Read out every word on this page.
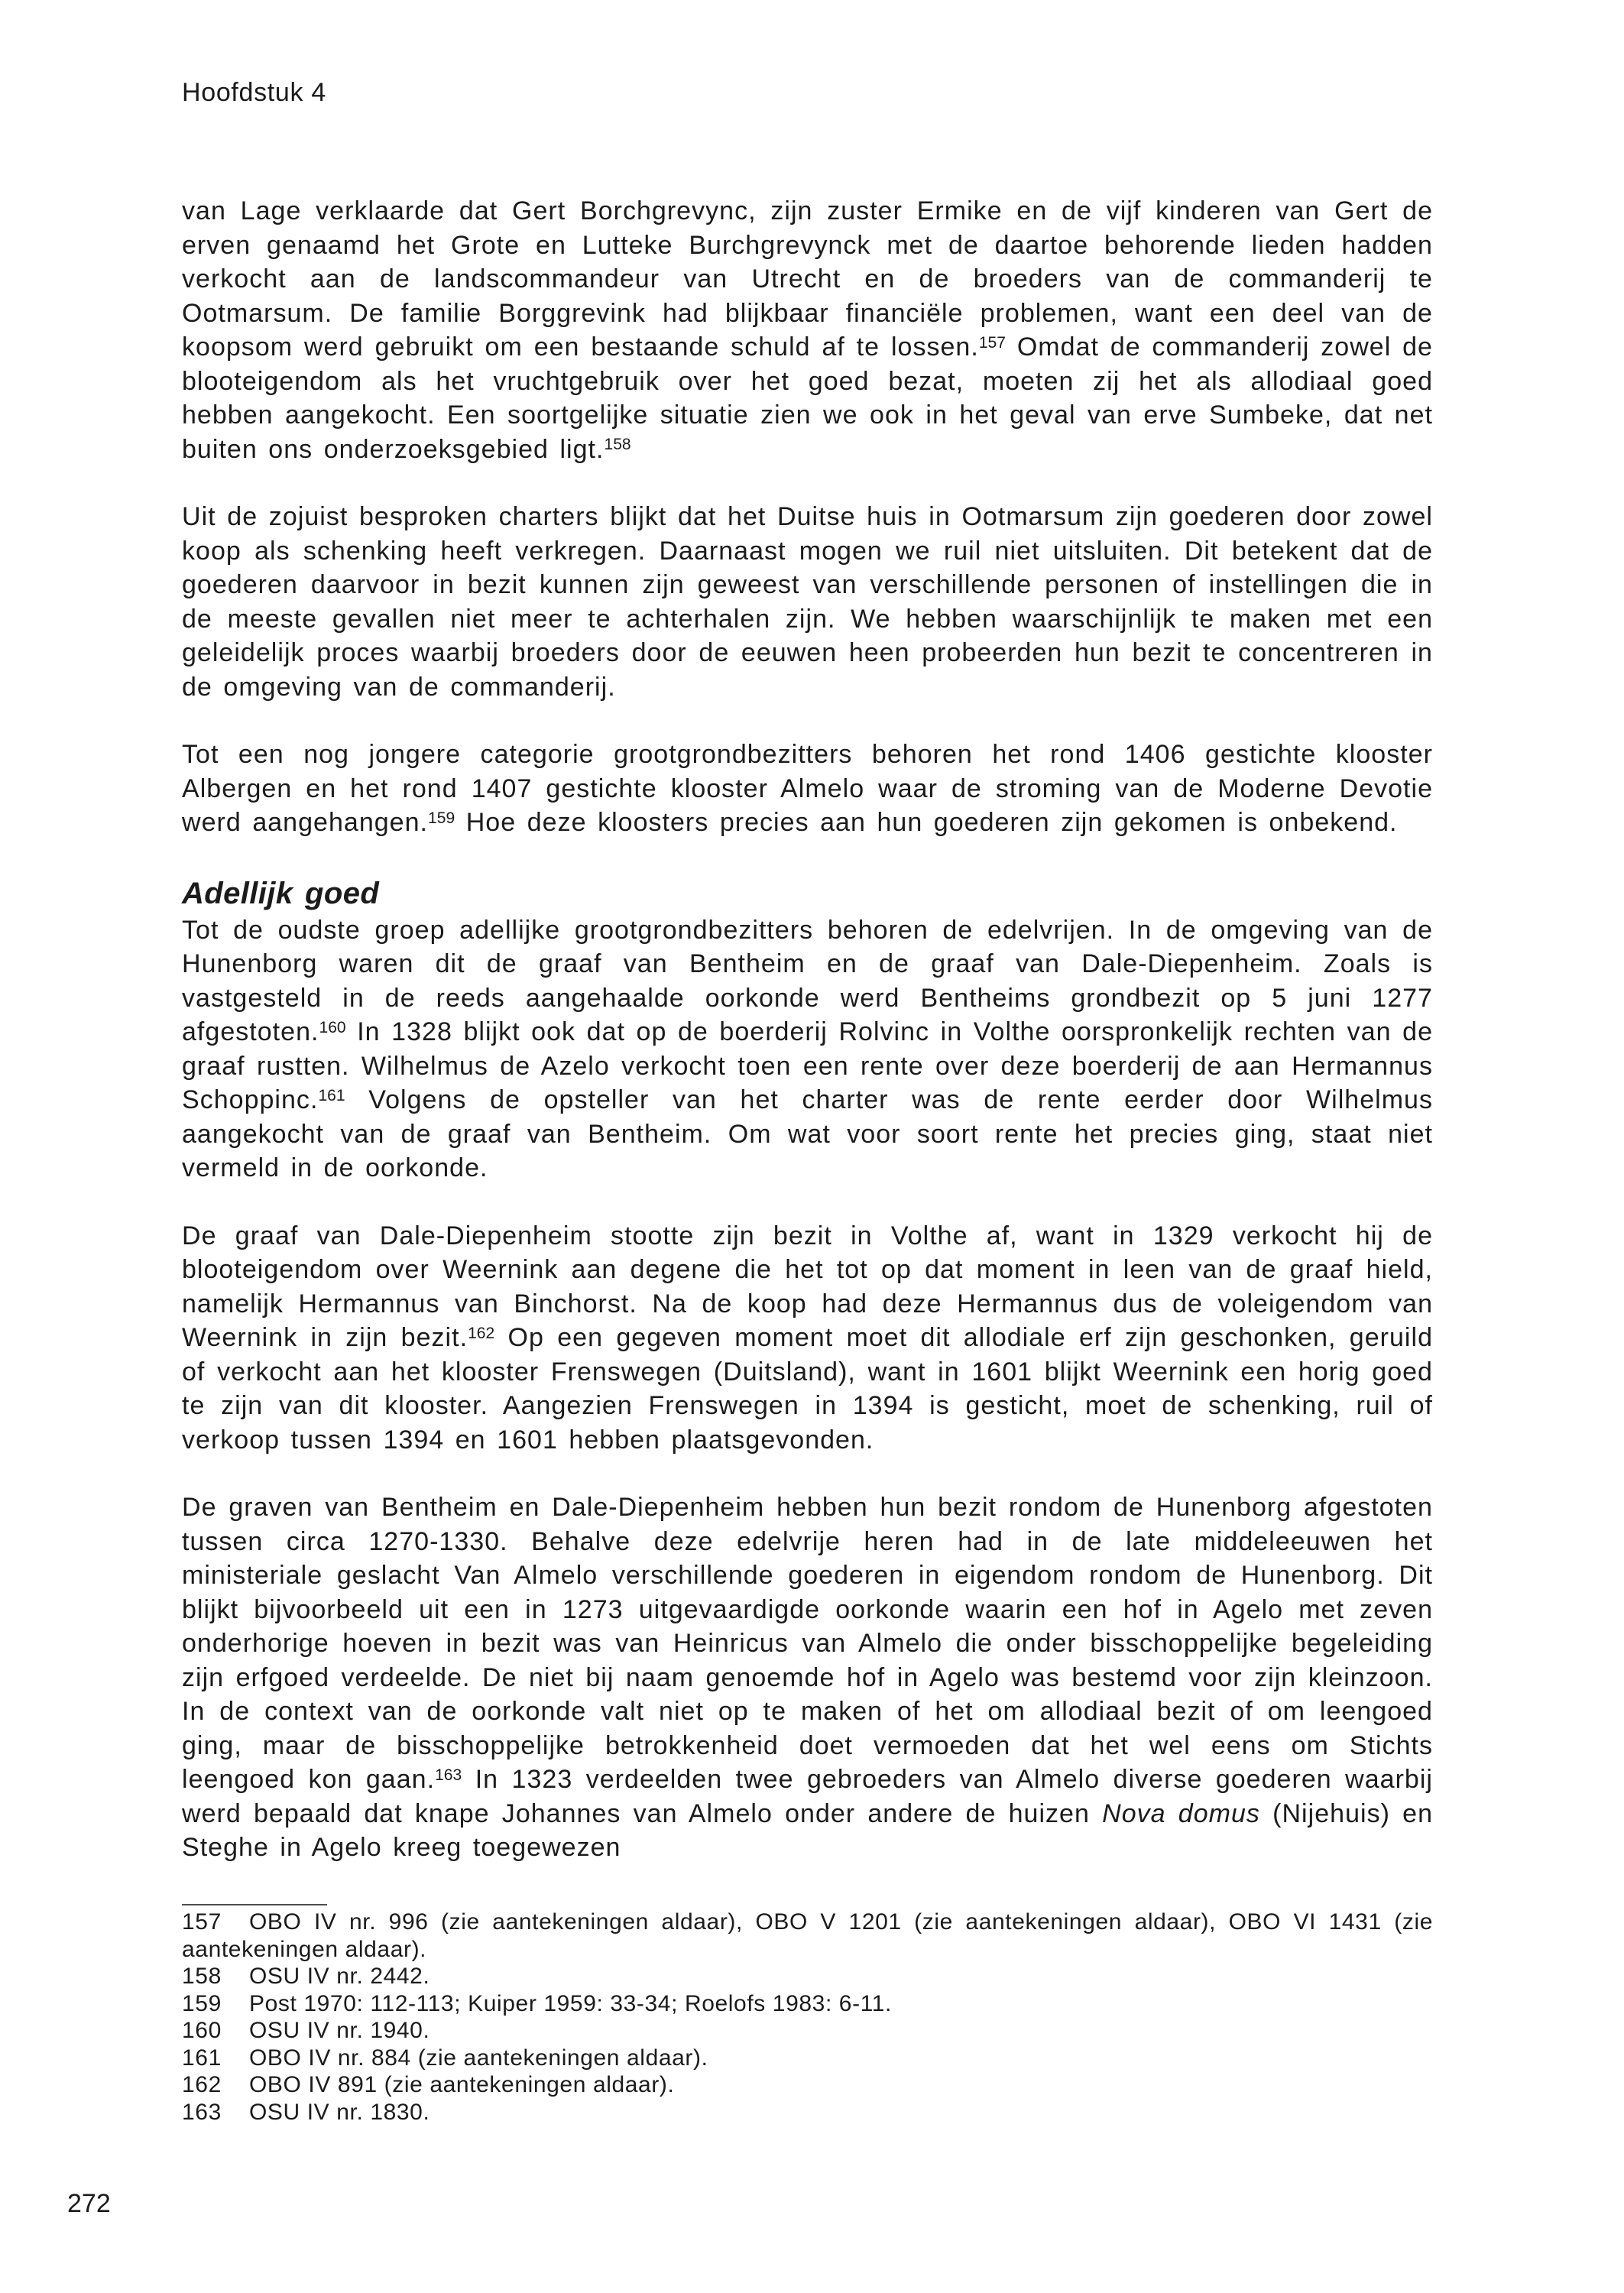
Hoofdstuk 4

van Lage verklaarde dat Gert Borchgrevync, zijn zuster Ermike en de vijf kinderen van Gert de erven genaamd het Grote en Lutteke Burchgrevynck met de daartoe behorende lieden hadden verkocht aan de landscommandeur van Utrecht en de broeders van de commanderij te Ootmarsum. De familie Borggrevink had blijkbaar financiële problemen, want een deel van de koopsom werd gebruikt om een bestaande schuld af te lossen.$^{157}$ Omdat de commanderij zowel de blooteigendom als het vruchtgebruik over het goed bezat, moeten zij het als allodiaal goed hebben aangekocht. Een soortgelijke situatie zien we ook in het geval van erve Sumbeke, dat net buiten ons onderzoeksgebied ligt.$^{158}$

Uit de zojuist besproken charters blijkt dat het Duitse huis in Ootmarsum zijn goederen door zowel koop als schenking heeft verkregen. Daarnaast mogen we ruil niet uitsluiten. Dit betekent dat de goederen daarvoor in bezit kunnen zijn geweest van verschillende personen of instellingen die in de meeste gevallen niet meer te achterhalen zijn. We hebben waarschijnlijk te maken met een geleidelijk proces waarbij broeders door de eeuwen heen probeerden hun bezit te concentreren in de omgeving van de commanderij.

Tot een nog jongere categorie grootgrondbezitters behoren het rond 1406 gestichte klooster Albergen en het rond 1407 gestichte klooster Almelo waar de stroming van de Moderne Devotie werd aangehangen.$^{159}$ Hoe deze kloosters precies aan hun goederen zijn gekomen is onbekend.

Adellijk goed

Tot de oudste groep adellijke grootgrondbezitters behoren de edelvrijen. In de omgeving van de Hunenborg waren dit de graaf van Bentheim en de graaf van Dale-Diepenheim. Zoals is vastgesteld in de reeds aangehaalde oorkonde werd Bentheims grondbezit op 5 juni 1277 afgestoten.$^{160}$ In 1328 blijkt ook dat op de boerderij Rolvinc in Volthe oorspronkelijk rechten van de graaf rustten. Wilhelmus de Azelo verkocht toen een rente over deze boerderij de aan Hermannus Schoppinc.$^{161}$ Volgens de opsteller van het charter was de rente eerder door Wilhelmus aangekocht van de graaf van Bentheim. Om wat voor soort rente het precies ging, staat niet vermeld in de oorkonde.

De graaf van Dale-Diepenheim stootte zijn bezit in Volthe af, want in 1329 verkocht hij de blooteigendom over Weernink aan degene die het tot op dat moment in leen van de graaf hield, namelijk Hermannus van Binchorst. Na de koop had deze Hermannus dus de voleigendom van Weernink in zijn bezit.$^{162}$ Op een gegeven moment moet dit allodiale erf zijn geschonken, geruild of verkocht aan het klooster Frenswegen (Duitsland), want in 1601 blijkt Weernink een horig goed te zijn van dit klooster. Aangezien Frenswegen in 1394 is gesticht, moet de schenking, ruil of verkoop tussen 1394 en 1601 hebben plaatsgevonden.

De graven van Bentheim en Dale-Diepenheim hebben hun bezit rondom de Hunenborg afgestoten tussen circa 1270-1330. Behalve deze edelvrije heren had in de late middeleeuwen het ministeriale geslacht Van Almelo verschillende goederen in eigendom rondom de Hunenborg. Dit blijkt bijvoorbeeld uit een in 1273 uitgevaardigde oorkonde waarin een hof in Agelo met zeven onderhorige hoeven in bezit was van Heinricus van Almelo die onder bisschoppelijke begeleiding zijn erfgoed verdeelde. De niet bij naam genoemde hof in Agelo was bestemd voor zijn kleinzoon. In de context van de oorkonde valt niet op te maken of het om allodiaal bezit of om leengoed ging, maar de bisschoppelijke betrokkenheid doet vermoeden dat het wel eens om Stichts leengoed kon gaan.$^{163}$ In 1323 verdeelden twee gebroeders van Almelo diverse goederen waarbij werd bepaald dat knape Johannes van Almelo onder andere de huizen Nova domus (Nijehuis) en Steghe in Agelo kreeg toegewezen

157 OBO IV nr. 996 (zie aantekeningen aldaar), OBO V 1201 (zie aantekeningen aldaar), OBO VI 1431 (zie aantekeningen aldaar).
158 OSU IV nr. 2442.
159 Post 1970: 112-113; Kuiper 1959: 33-34; Roelofs 1983: 6-11.
160 OSU IV nr. 1940.
161 OBO IV nr. 884 (zie aantekeningen aldaar).
162 OBO IV 891 (zie aantekeningen aldaar).
163 OSU IV nr. 1830.
272
